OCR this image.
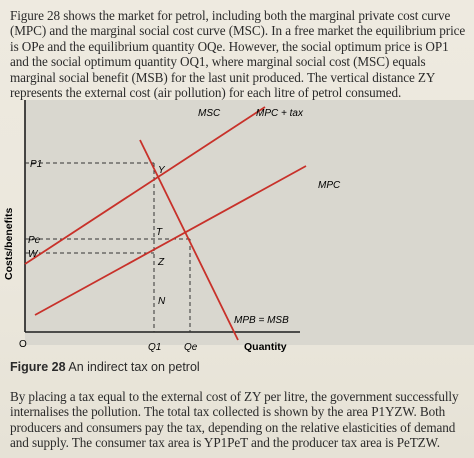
Figure 28 shows the market for petrol, including both the marginal private cost curve (MPC) and the marginal social cost curve (MSC). In a free market the equilibrium price is OPe and the equilibrium quantity OQe. However, the social optimum price is OP1 and the social optimum quantity OQ1, where marginal social cost (MSC) equals marginal social benefit (MSB) for the last unit produced. The vertical distance ZY represents the external cost (air pollution) for each litre of petrol consumed.

MSC	MPC + tax
MPC
MPB = MSB
Y
T
Z
N
P1
Pe
W
Costs/benefits
Quantity
O	Q1 Qe
Figure 28 An indirect tax on petrol

By placing a tax equal to the external cost of ZY per litre, the government successfully internalises the pollution. The total tax collected is shown by the area P1YZW. Both producers and consumers pay the tax, depending on the relative elasticities of demand and supply. The consumer tax area is YP1PeT and the producer tax area is PeTZW.
